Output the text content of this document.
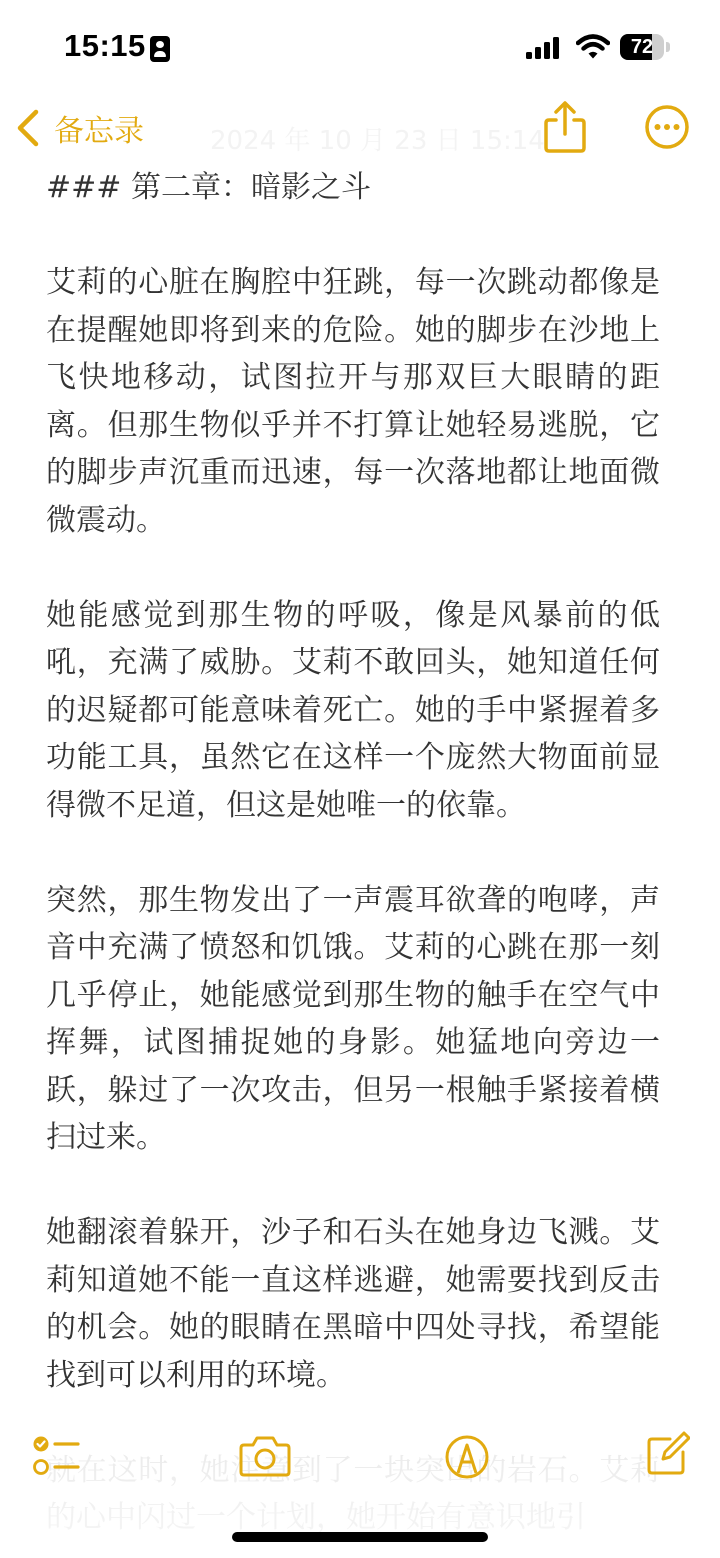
15:15	72
备忘录	2024 年 10 月 23 日 15:14

### 第二章：暗影之斗

艾莉的心脏在胸腔中狂跳，每一次跳动都像是在提醒她即将到来的危险。她的脚步在沙地上飞快地移动，试图拉开与那双巨大眼睛的距离。但那生物似乎并不打算让她轻易逃脱，它的脚步声沉重而迅速，每一次落地都让地面微微震动。

她能感觉到那生物的呼吸，像是风暴前的低吼，充满了威胁。艾莉不敢回头，她知道任何的迟疑都可能意味着死亡。她的手中紧握着多功能工具，虽然它在这样一个庞然大物面前显得微不足道，但这是她唯一的依靠。

突然，那生物发出了一声震耳欲聋的咆哮，声音中充满了愤怒和饥饿。艾莉的心跳在那一刻几乎停止，她能感觉到那生物的触手在空气中挥舞，试图捕捉她的身影。她猛地向旁边一跃，躲过了一次攻击，但另一根触手紧接着横扫过来。

她翻滚着躲开，沙子和石头在她身边飞溅。艾莉知道她不能一直这样逃避，她需要找到反击的机会。她的眼睛在黑暗中四处寻找，希望能找到可以利用的环境。
